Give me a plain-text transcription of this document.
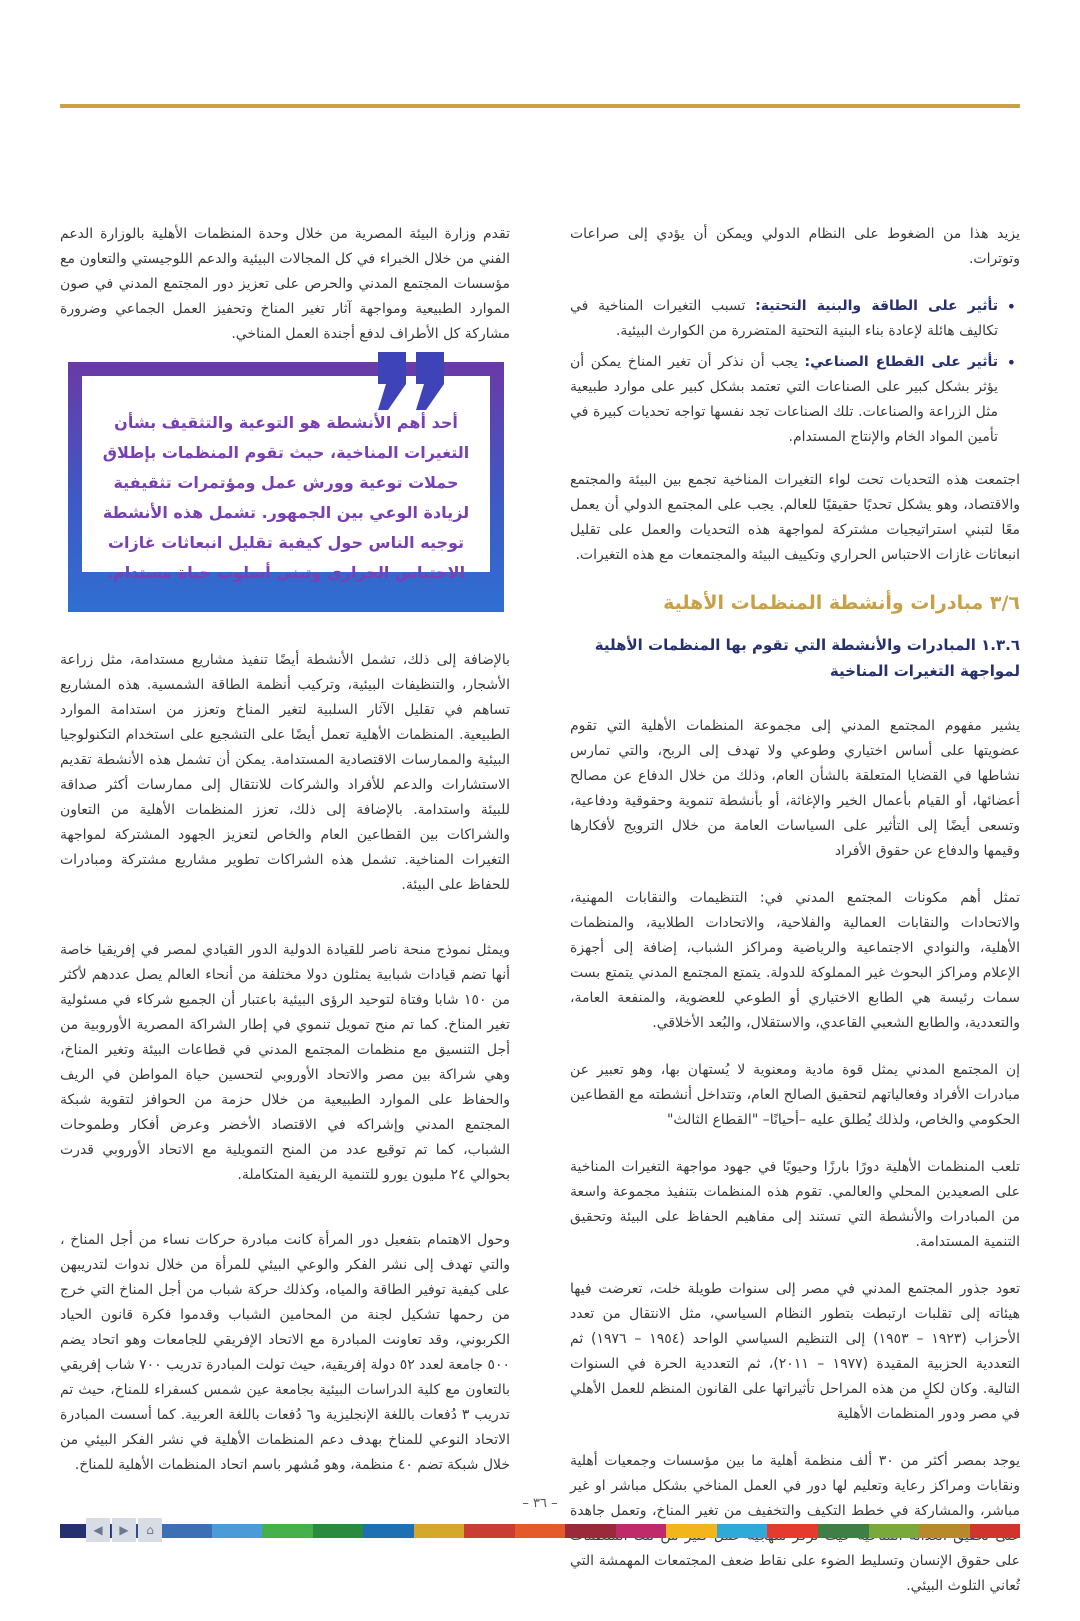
يزيد هذا من الضغوط على النظام الدولي ويمكن أن يؤدي إلى صراعات وتوترات.

• تأثير على الطاقة والبنية التحتية: تسبب التغيرات المناخية في تكاليف هائلة لإعادة بناء البنية التحتية المتضررة من الكوارث البيئية.
• تأثير على القطاع الصناعي: يجب أن نذكر أن تغير المناخ يمكن أن يؤثر بشكل كبير على الصناعات التي تعتمد بشكل كبير على موارد طبيعية مثل الزراعة والصناعات. تلك الصناعات تجد نفسها تواجه تحديات كبيرة في تأمين المواد الخام والإنتاج المستدام.

اجتمعت هذه التحديات تحت لواء التغيرات المناخية تجمع بين البيئة والمجتمع والاقتصاد، وهو يشكل تحديًا حقيقيًا للعالم. يجب على المجتمع الدولي أن يعمل معًا لتبني استراتيجيات مشتركة لمواجهة هذه التحديات والعمل على تقليل انبعاثات غازات الاحتباس الحراري وتكييف البيئة والمجتمعات مع هذه التغيرات.

٣/٦ مبادرات وأنشطة المنظمات الأهلية
١.٣.٦ المبادرات والأنشطة التي تقوم بها المنظمات الأهلية لمواجهة التغيرات المناخية

يشير مفهوم المجتمع المدني إلى مجموعة المنظمات الأهلية التي تقوم عضويتها على أساس اختياري وطوعي ولا تهدف إلى الربح، والتي تمارس نشاطها في القضايا المتعلقة بالشأن العام، وذلك من خلال الدفاع عن مصالح أعضائها، أو القيام بأعمال الخير والإغاثة، أو بأنشطة تنموية وحقوقية ودفاعية، وتسعى أيضًا إلى التأثير على السياسات العامة من خلال الترويج لأفكارها وقيمها والدفاع عن حقوق الأفراد

تمثل أهم مكونات المجتمع المدني في: التنظيمات والنقابات المهنية، والاتحادات والنقابات العمالية والفلاحية، والاتحادات الطلابية، والمنظمات الأهلية، والنوادي الاجتماعية والرياضية ومراكز الشباب، إضافة إلى أجهزة الإعلام ومراكز البحوث غير المملوكة للدولة. يتمتع المجتمع المدني يتمتع بست سمات رئيسة هي الطابع الاختياري أو الطوعي للعضوية، والمنفعة العامة، والتعددية، والطابع الشعبي القاعدي، والاستقلال، والبُعد الأخلاقي.

إن المجتمع المدني يمثل قوة مادية ومعنوية لا يُستهان بها، وهو تعبير عن مبادرات الأفراد وفعالياتهم لتحقيق الصالح العام، وتتداخل أنشطته مع القطاعين الحكومي والخاص، ولذلك يُطلق عليه –أحيانًا– "القطاع الثالث"

تلعب المنظمات الأهلية دورًا بارزًا وحيويًا في جهود مواجهة التغيرات المناخية على الصعيدين المحلي والعالمي. تقوم هذه المنظمات بتنفيذ مجموعة واسعة من المبادرات والأنشطة التي تستند إلى مفاهيم الحفاظ على البيئة وتحقيق التنمية المستدامة.

تعود جذور المجتمع المدني في مصر إلى سنوات طويلة خلت، تعرضت فيها هيئاته إلى تقلبات ارتبطت بتطور النظام السياسي، مثل الانتقال من تعدد الأحزاب (١٩٢٣ – ١٩٥٣) إلى التنظيم السياسي الواحد (١٩٥٤ – ١٩٧٦) ثم التعددية الحزبية المقيدة (١٩٧٧ – ٢٠١١)، ثم التعددية الحرة في السنوات التالية. وكان لكلٍ من هذه المراحل تأثيراتها على القانون المنظم للعمل الأهلي في مصر ودور المنظمات الأهلية

يوجد بمصر أكثر من ٣٠ ألف منظمة أهلية ما بين مؤسسات وجمعيات أهلية ونقابات ومراكز رعاية وتعليم لها دور في العمل المناخي بشكل مباشر او غير مباشر، والمشاركة في خطط التكيف والتخفيف من تغير المناخ، وتعمل جاهدة على حقوق الإنسان وتسليط الضوء على نقاط ضعف المجتمعات المهمشة التي تُعاني التلوث البيئي.

تقدم وزارة البيئة المصرية من خلال وحدة المنظمات الأهلية بالوزارة الدعم الفني من خلال الخبراء في كل المجالات البيئية والدعم اللوجيستي والتعاون مع مؤسسات المجتمع المدني والحرص على تعزيز دور المجتمع المدني في صون الموارد الطبيعية ومواجهة آثار تغير المناخ وتحفيز العمل الجماعي وضرورة مشاركة كل الأطراف لدفع أجندة العمل المناخي.

أحد أهم الأنشطة هو التوعية والتثقيف بشأن التغيرات المناخية، حيث تقوم المنظمات بإطلاق حملات توعية وورش عمل ومؤتمرات تثقيفية لزيادة الوعي بين الجمهور. تشمل هذه الأنشطة توجيه الناس حول كيفية تقليل انبعاثات غازات الاحتباس الحراري وتبني أسلوب حياة مستدام.

بالإضافة إلى ذلك، تشمل الأنشطة أيضًا تنفيذ مشاريع مستدامة، مثل زراعة الأشجار، والتنظيفات البيئية، وتركيب أنظمة الطاقة الشمسية. هذه المشاريع تساهم في تقليل الآثار السلبية لتغير المناخ وتعزز من استدامة الموارد الطبيعية. المنظمات الأهلية تعمل أيضًا على التشجيع على استخدام التكنولوجيا البيئية والممارسات الاقتصادية المستدامة. يمكن أن تشمل هذه الأنشطة تقديم الاستشارات والدعم للأفراد والشركات للانتقال إلى ممارسات أكثر صداقة للبيئة واستدامة. بالإضافة إلى ذلك، تعزز المنظمات الأهلية من التعاون والشراكات بين القطاعين العام والخاص لتعزيز الجهود المشتركة لمواجهة التغيرات المناخية. تشمل هذه الشراكات تطوير مشاريع مشتركة ومبادرات للحفاظ على البيئة.

ويمثل نموذج منحة ناصر للقيادة الدولية الدور القيادي لمصر في إفريقيا خاصة أنها تضم قيادات شبابية يمثلون دولا مختلفة من أنحاء العالم يصل عددهم لأكثر من ١٥٠ شابا وفتاة لتوحيد الرؤى البيئية باعتبار أن الجميع شركاء في مسئولية تغير المناخ. كما تم منح تمويل تنموي في إطار الشراكة المصرية الأوروبية من أجل التنسيق مع منظمات المجتمع المدني في قطاعات البيئة وتغير المناخ، وهي شراكة بين مصر والاتحاد الأوروبي لتحسين حياة المواطن في الريف والحفاظ على الموارد الطبيعية من خلال حزمة من الحوافز لتقوية شبكة المجتمع المدني وإشراكه في الاقتصاد الأخضر وعرض أفكار وطموحات الشباب، كما تم توقيع عدد من المنح التمويلية مع الاتحاد الأوروبي قدرت بحوالي ٢٤ مليون يورو للتنمية الريفية المتكاملة.

وحول الاهتمام بتفعيل دور المرأة كانت مبادرة حركات نساء من أجل المناخ ، والتي تهدف إلى نشر الفكر والوعي البيئي للمرأة من خلال ندوات لتدريبهن على كيفية توفير الطاقة والمياه، وكذلك حركة شباب من أجل المناخ التي خرج من رحمها تشكيل لجنة من المحامين الشباب وقدموا فكرة قانون الحياد الكربوني، وقد تعاونت المبادرة مع الاتحاد الإفريقي للجامعات وهو اتحاد يضم ٥٠٠ جامعة لعدد ٥٢ دولة إفريقية، حيث تولت المبادرة تدريب ٧٠٠ شاب إفريقي بالتعاون مع كلية الدراسات البيئية بجامعة عين شمس كسفراء للمناخ، حيث تم تدريب ٣ دُفعات باللغة الإنجليزية و٦ دُفعات باللغة العربية. كما أسست المبادرة الاتحاد النوعي للمناخ بهدف دعم المنظمات الأهلية في نشر الفكر البيئي من خلال شبكة تضم ٤٠ منظمة، وهو مُشهر باسم اتحاد المنظمات الأهلية للمناخ.

– ٣٦ –
◀	▶	⌂
